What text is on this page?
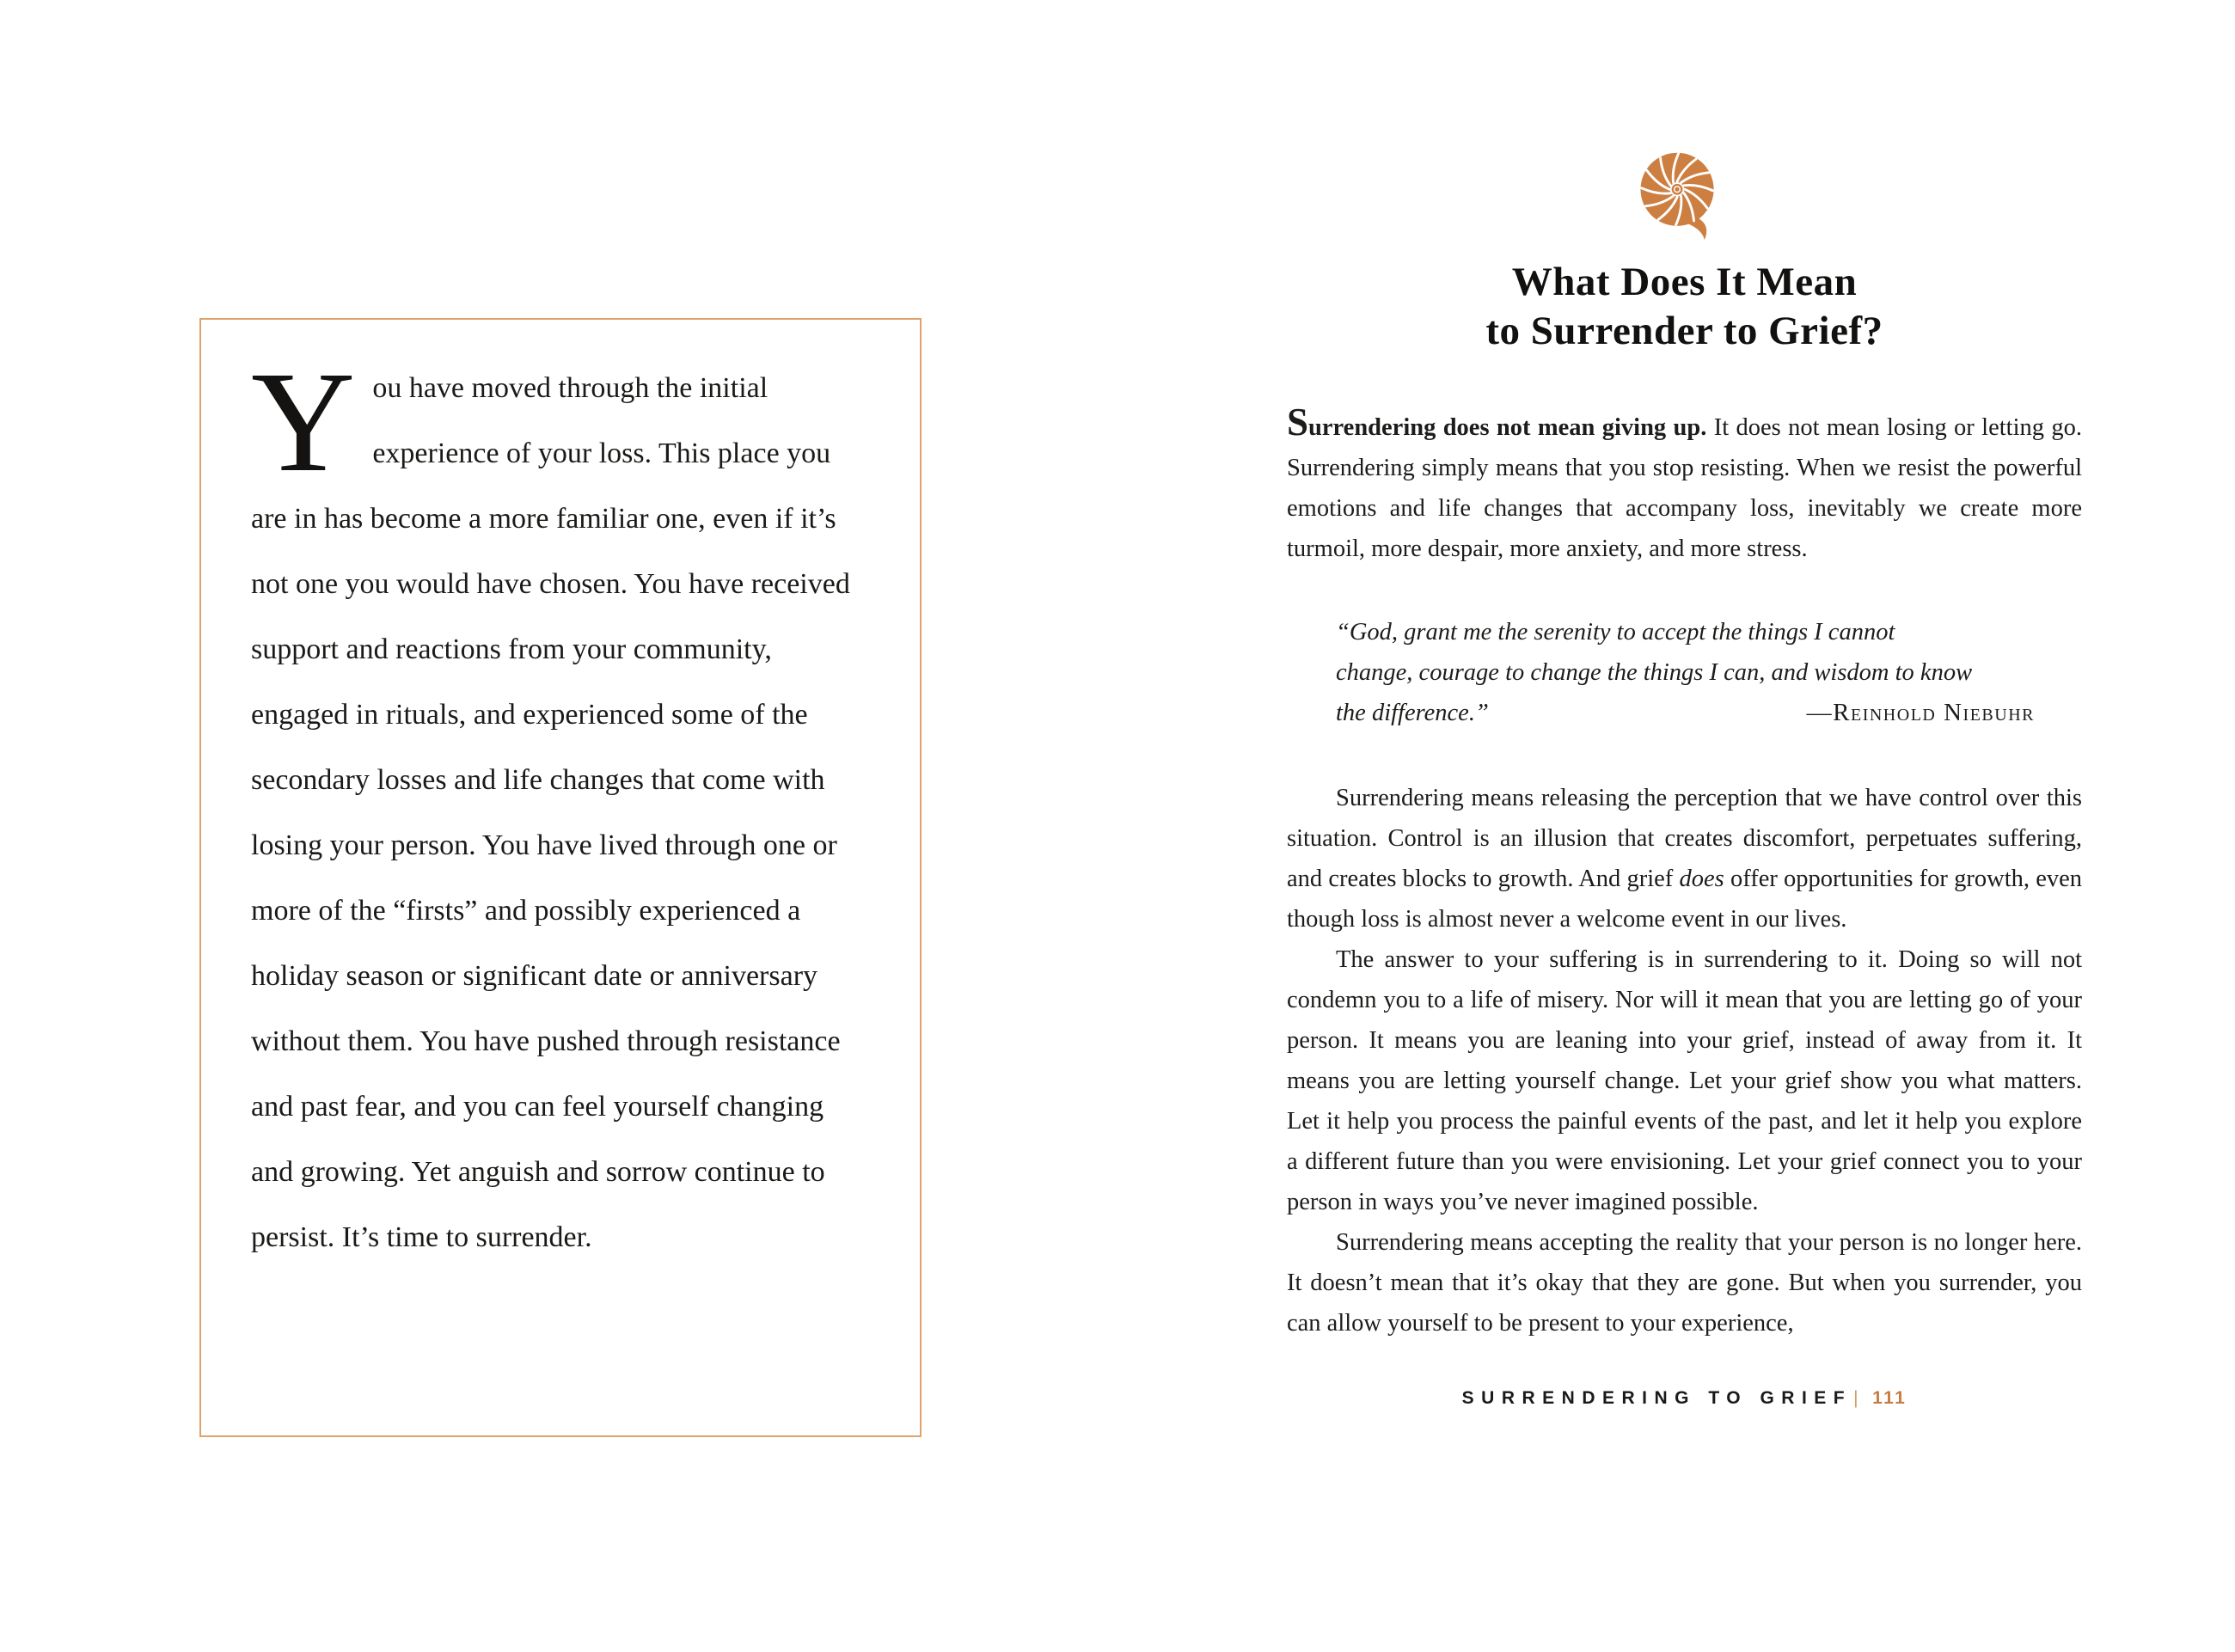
You have moved through the initial experience of your loss. This place you are in has become a more familiar one, even if it’s not one you would have chosen. You have received support and reactions from your community, engaged in rituals, and experienced some of the secondary losses and life changes that come with losing your person. You have lived through one or more of the “firsts” and possibly experienced a holiday season or significant date or anniversary without them. You have pushed through resistance and past fear, and you can feel yourself changing and growing. Yet anguish and sorrow continue to persist. It’s time to surrender.
What Does It Mean
to Surrender to Grief?

Surrendering does not mean giving up. It does not mean losing or letting go. Surrendering simply means that you stop resisting. When we resist the powerful emotions and life changes that accompany loss, inevitably we create more turmoil, more despair, more anxiety, and more stress.

“God, grant me the serenity to accept the things I cannot change, courage to change the things I can, and wisdom to know the difference.”	—Reinhold Niebuhr

Surrendering means releasing the perception that we have control over this situation. Control is an illusion that creates discomfort, perpetuates suffering, and creates blocks to growth. And grief does offer opportunities for growth, even though loss is almost never a welcome event in our lives.

The answer to your suffering is in surrendering to it. Doing so will not condemn you to a life of misery. Nor will it mean that you are letting go of your person. It means you are leaning into your grief, instead of away from it. It means you are letting yourself change. Let your grief show you what matters. Let it help you process the painful events of the past, and let it help you explore a different future than you were envisioning. Let your grief connect you to your person in ways you’ve never imagined possible.

Surrendering means accepting the reality that your person is no longer here. It doesn’t mean that it’s okay that they are gone. But when you surrender, you can allow yourself to be present to your experience,

SURRENDERING TO GRIEF| 111
